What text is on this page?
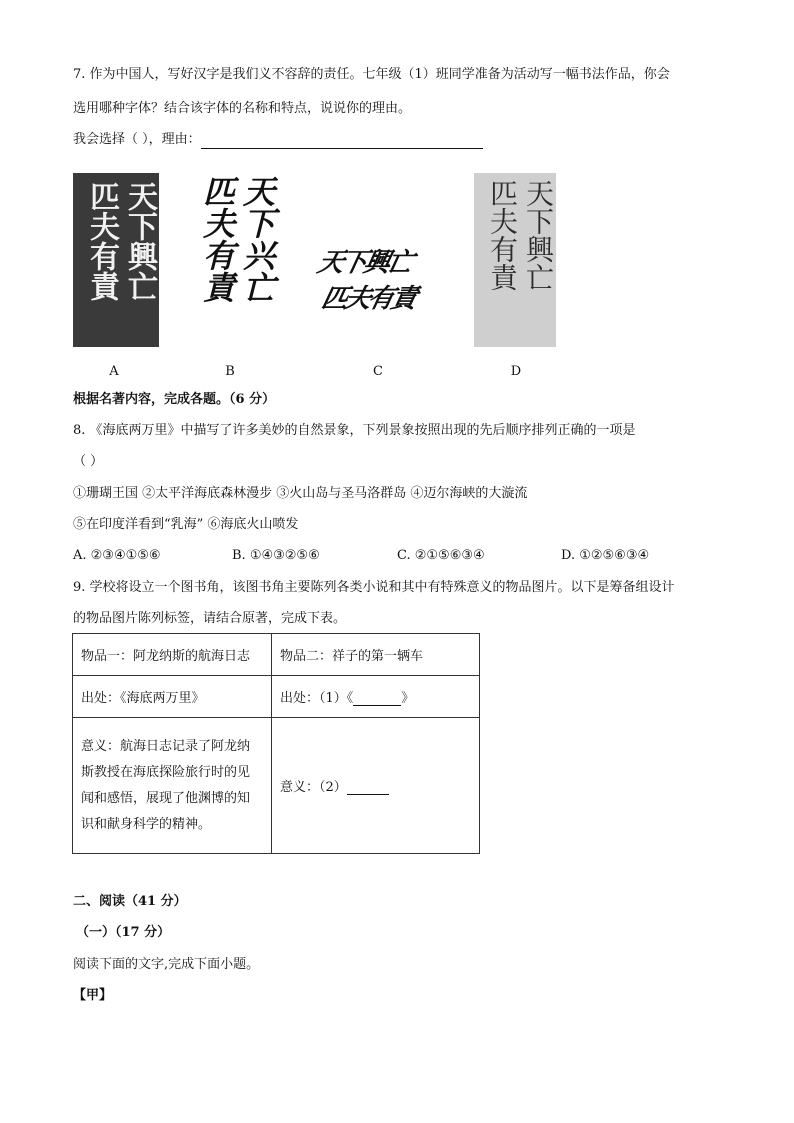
7. 作为中国人，写好汉字是我们义不容辞的责任。七年级（1）班同学准备为活动写一幅书法作品，你会
选用哪种字体？结合该字体的名称和特点，说说你的理由。
我会选择（ ），理由：
天下興亡
匹夫有責
A
天下兴亡
匹夫有責
B
天下興亡
匹夫有責
C
天下興亡
匹夫有責
D
根据名著内容，完成各题。（6 分）
8. 《海底两万里》中描写了许多美妙的自然景象，下列景象按照出现的先后顺序排列正确的一项是
（ ）
①珊瑚王国 ②太平洋海底森林漫步 ③火山岛与圣马洛群岛 ④迈尔海峡的大漩流
⑤在印度洋看到“乳海” ⑥海底火山喷发
A. ②③④①⑤⑥	B. ①④③②⑤⑥	C. ②①⑤⑥③④	D. ①②⑤⑥③④
9. 学校将设立一个图书角，该图书角主要陈列各类小说和其中有特殊意义的物品图片。以下是筹备组设计
的物品图片陈列标签，请结合原著，完成下表。
物品一：阿龙纳斯的航海日志	物品二：祥子的第一辆车
出处：《海底两万里》	出处：（1）《 》

意义：航海日志记录了阿龙纳
斯教授在海底探险旅行时的见
闻和感悟，展现了他渊博的知
识和献身科学的精神。	意义：（2）
二、阅读（41 分）
（一）（17 分）
阅读下面的文字,完成下面小题。
【甲】
